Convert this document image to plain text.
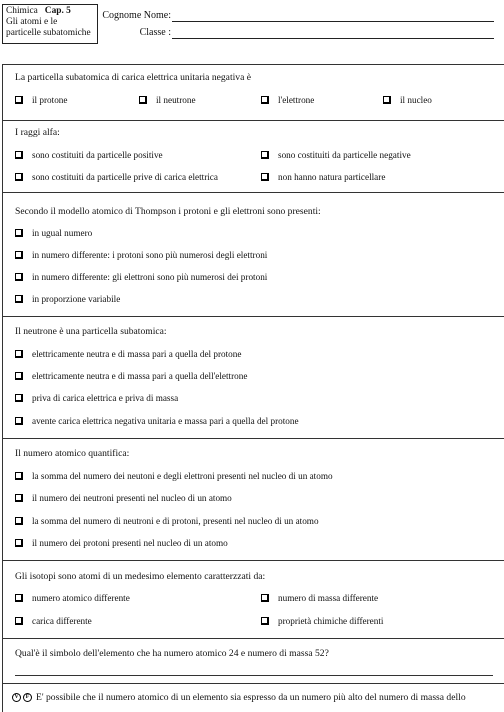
Chimica Cap. 5
Gli atomi e le
particelle subatomiche
Cognome Nome:
Classe :
La particella subatomica di carica elettrica unitaria negativa è
il protone	il neutrone	l'elettrone	il nucleo
I raggi alfa:
sono costituiti da particelle positive	sono costituiti da particelle negative
sono costituiti da particelle prive di carica elettrica	non hanno natura particellare
Secondo il modello atomico di Thompson i protoni e gli elettroni sono presenti:
in ugual numero
in numero differente: i protoni sono più numerosi degli elettroni
in numero differente: gli elettroni sono più numerosi dei protoni
in proporzione variabile
Il neutrone è una particella subatomica:
elettricamente neutra e di massa pari a quella del protone
elettricamente neutra e di massa pari a quella dell'elettrone
priva di carica elettrica e priva di massa
avente carica elettrica negativa unitaria e massa pari a quella del protone
Il numero atomico quantifica:
la somma del numero dei neutoni e degli elettroni presenti nel nucleo di un atomo
il numero dei neutroni presenti nel nucleo di un atomo
la somma del numero di neutroni e di protoni, presenti nel nucleo di un atomo
il numero dei protoni presenti nel nucleo di un atomo
Gli isotopi sono atomi di un medesimo elemento caratterzzati da:
numero atomico differente	numero di massa differente
carica differente	proprietà chimiche differenti
Qual'è il simbolo dell'elemento che ha numero atomico 24 e numero di massa 52?
V	F E' possibile che il numero atomico di un elemento sia espresso da un numero più alto del numero di massa dello
